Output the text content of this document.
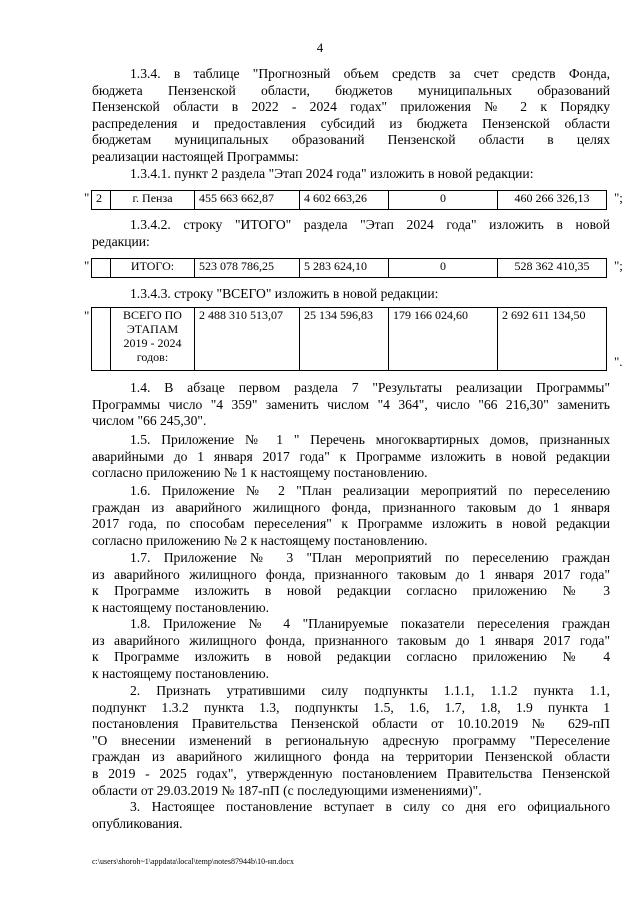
4
1.3.4. в таблице "Прогнозный объем средств за счет средств Фонда,
бюджета Пензенской области, бюджетов муниципальных образований
Пензенской области в 2022 - 2024 годах" приложения № 2 к Порядку
распределения и предоставления субсидий из бюджета Пензенской области
бюджетам муниципальных образований Пензенской области в целях
реализации настоящей Программы:
1.3.4.1. пункт 2 раздела "Этап 2024 года" изложить в новой редакции:
" 2	г. Пенза	455 663 662,87	4 602 663,26	0	460 266 326,13 ";
1.3.4.2. строку "ИТОГО" раздела "Этап 2024 года" изложить в новой
редакции:
"
		ИТОГО:	523 078 786,25	5 283 624,10	0	528 362 410,35 ";
1.3.4.3. строку "ВСЕГО" изложить в новой редакции:
"
		ВСЕГО ПО
ЭТАПАМ
2019 - 2024
годов:
	2 488 310 513,07	25 134 596,83	179 166 024,60	2 692 611 134,50
".
1.4. В абзаце первом раздела 7 "Результаты реализации Программы"
Программы число "4 359" заменить числом "4 364", число "66 216,30" заменить
числом "66 245,30".
1.5. Приложение № 1 " Перечень многоквартирных домов, признанных
аварийными до 1 января 2017 года" к Программе изложить в новой редакции
согласно приложению № 1 к настоящему постановлению.
1.6. Приложение № 2 "План реализации мероприятий по переселению
граждан из аварийного жилищного фонда, признанного таковым до 1 января
2017 года, по способам переселения" к Программе изложить в новой редакции
согласно приложению № 2 к настоящему постановлению.
1.7. Приложение № 3 "План мероприятий по переселению граждан
из аварийного жилищного фонда, признанного таковым до 1 января 2017 года"
к Программе изложить в новой редакции согласно приложению № 3
к настоящему постановлению.
1.8. Приложение № 4 "Планируемые показатели переселения граждан
из аварийного жилищного фонда, признанного таковым до 1 января 2017 года"
к Программе изложить в новой редакции согласно приложению № 4
к настоящему постановлению.
2. Признать утратившими силу подпункты 1.1.1, 1.1.2 пункта 1.1,
подпункт 1.3.2 пункта 1.3, подпункты 1.5, 1.6, 1.7, 1.8, 1.9 пункта 1
постановления Правительства Пензенской области от 10.10.2019 № 629-пП
"О внесении изменений в региональную адресную программу "Переселение
граждан из аварийного жилищного фонда на территории Пензенской области
в 2019 - 2025 годах", утвержденную постановлением Правительства Пензенской
области от 29.03.2019 № 187-пП (с последующими изменениями)".
3. Настоящее постановление вступает в силу со дня его официального
опубликования.
c:\users\shoroh~1\appdata\local\temp\notes87944b\10-нп.docx
